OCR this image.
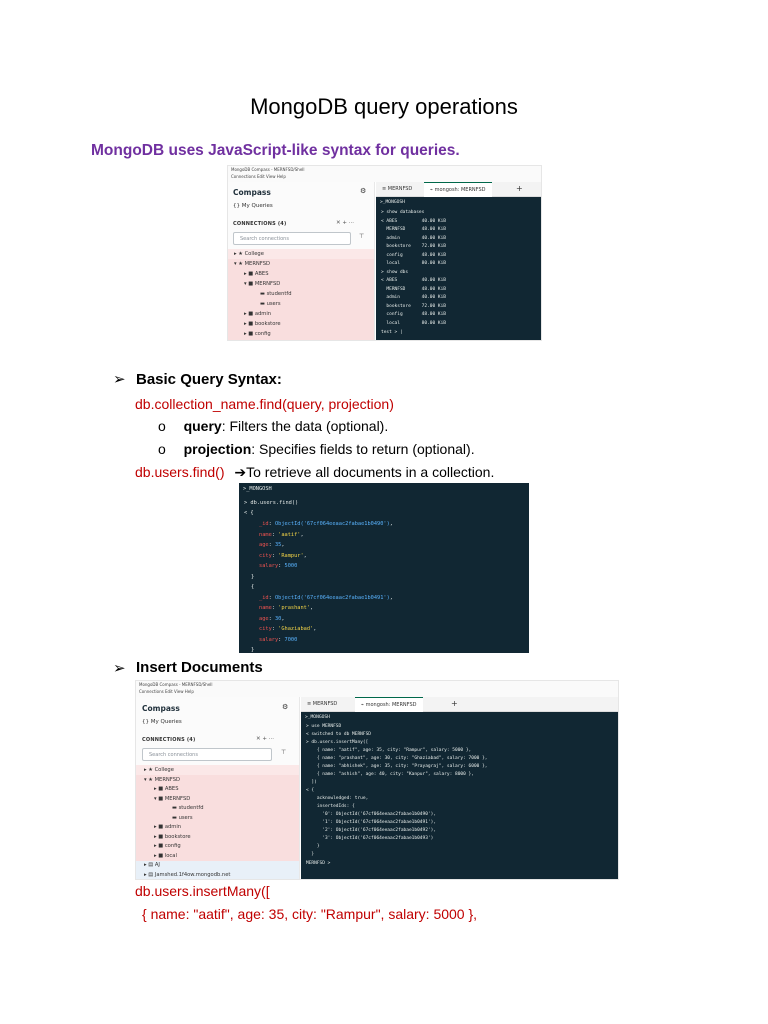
MongoDB query operations
MongoDB uses JavaScript-like syntax for queries.
MongoDB Compass - MERNFSD/Shell
Connections Edit View Help
Compass	⚙
{} My Queries
CONNECTIONS (4)	✕ + ···
Search connections	⊤
▸ ★ College
▾ ★ MERNFSD
▸ ■ ABES
▾ ■ MERNFSD
▬ studentfd
▬ users
▸ ■ admin
▸ ■ bookstore
▸ ■ config
≡ MERNFSD	⌁ mongosh: MERNFSD	+
>_MONGOSH
> show databases
< ABES         40.00 KiB
MERNFSD      48.00 KiB
admin        40.00 KiB
bookstore    72.00 KiB
config       48.00 KiB
local        80.00 KiB
> show dbs
< ABES         40.00 KiB
MERNFSD      48.00 KiB
admin        40.00 KiB
bookstore    72.00 KiB
config       48.00 KiB
local        80.00 KiB
test > |
➢ Basic Query Syntax:
db.collection_name.find(query, projection)
o query: Filters the data (optional).
o projection: Specifies fields to return (optional).
db.users.find() ➔To retrieve all documents in a collection.
>_MONGOSH
> db.users.find()
< {
_id: ObjectId('67cf064eeaac2fabae1b0490'),
name: 'aatif',
age: 35,
city: 'Rampur',
salary: 5000
}
{
_id: ObjectId('67cf064eeaac2fabae1b0491'),
name: 'prashant',
age: 30,
city: 'Ghaziabad',
salary: 7000
}
➢ Insert Documents
MongoDB Compass - MERNFSD/Shell
Connections Edit View Help
Compass	⚙
{} My Queries
CONNECTIONS (4)	✕ + ···
Search connections	⊤
▸ ★ College
▾ ★ MERNFSD
▸ ■ ABES
▾ ■ MERNFSD
▬ studentfd
▬ users
▸ ■ admin
▸ ■ bookstore
▸ ■ config
▸ ■ local
▸ ▤ AJ
▸ ▤ Jamshed.1f4ow.mongodb.net
≡ MERNFSD	⌁ mongosh: MERNFSD	+
>_MONGOSH
> use MERNFSD
< switched to db MERNFSD
> db.users.insertMany([
{ name: "aatif", age: 35, city: "Rampur", salary: 5000 },
{ name: "prashant", age: 30, city: "Ghaziabad", salary: 7000 },
{ name: "abhishek", age: 35, city: "Prayagraj", salary: 6000 },
{ name: "ashish", age: 40, city: "Kanpur", salary: 8000 },
])
< {
acknowledged: true,
insertedIds: {
'0': ObjectId('67cf064eeaac2fabae1b0490'),
'1': ObjectId('67cf064eeaac2fabae1b0491'),
'2': ObjectId('67cf064eeaac2fabae1b0492'),
'3': ObjectId('67cf064eeaac2fabae1b0493')
}
}
MERNFSD >
db.users.insertMany([
{ name: "aatif", age: 35, city: "Rampur", salary: 5000 },
